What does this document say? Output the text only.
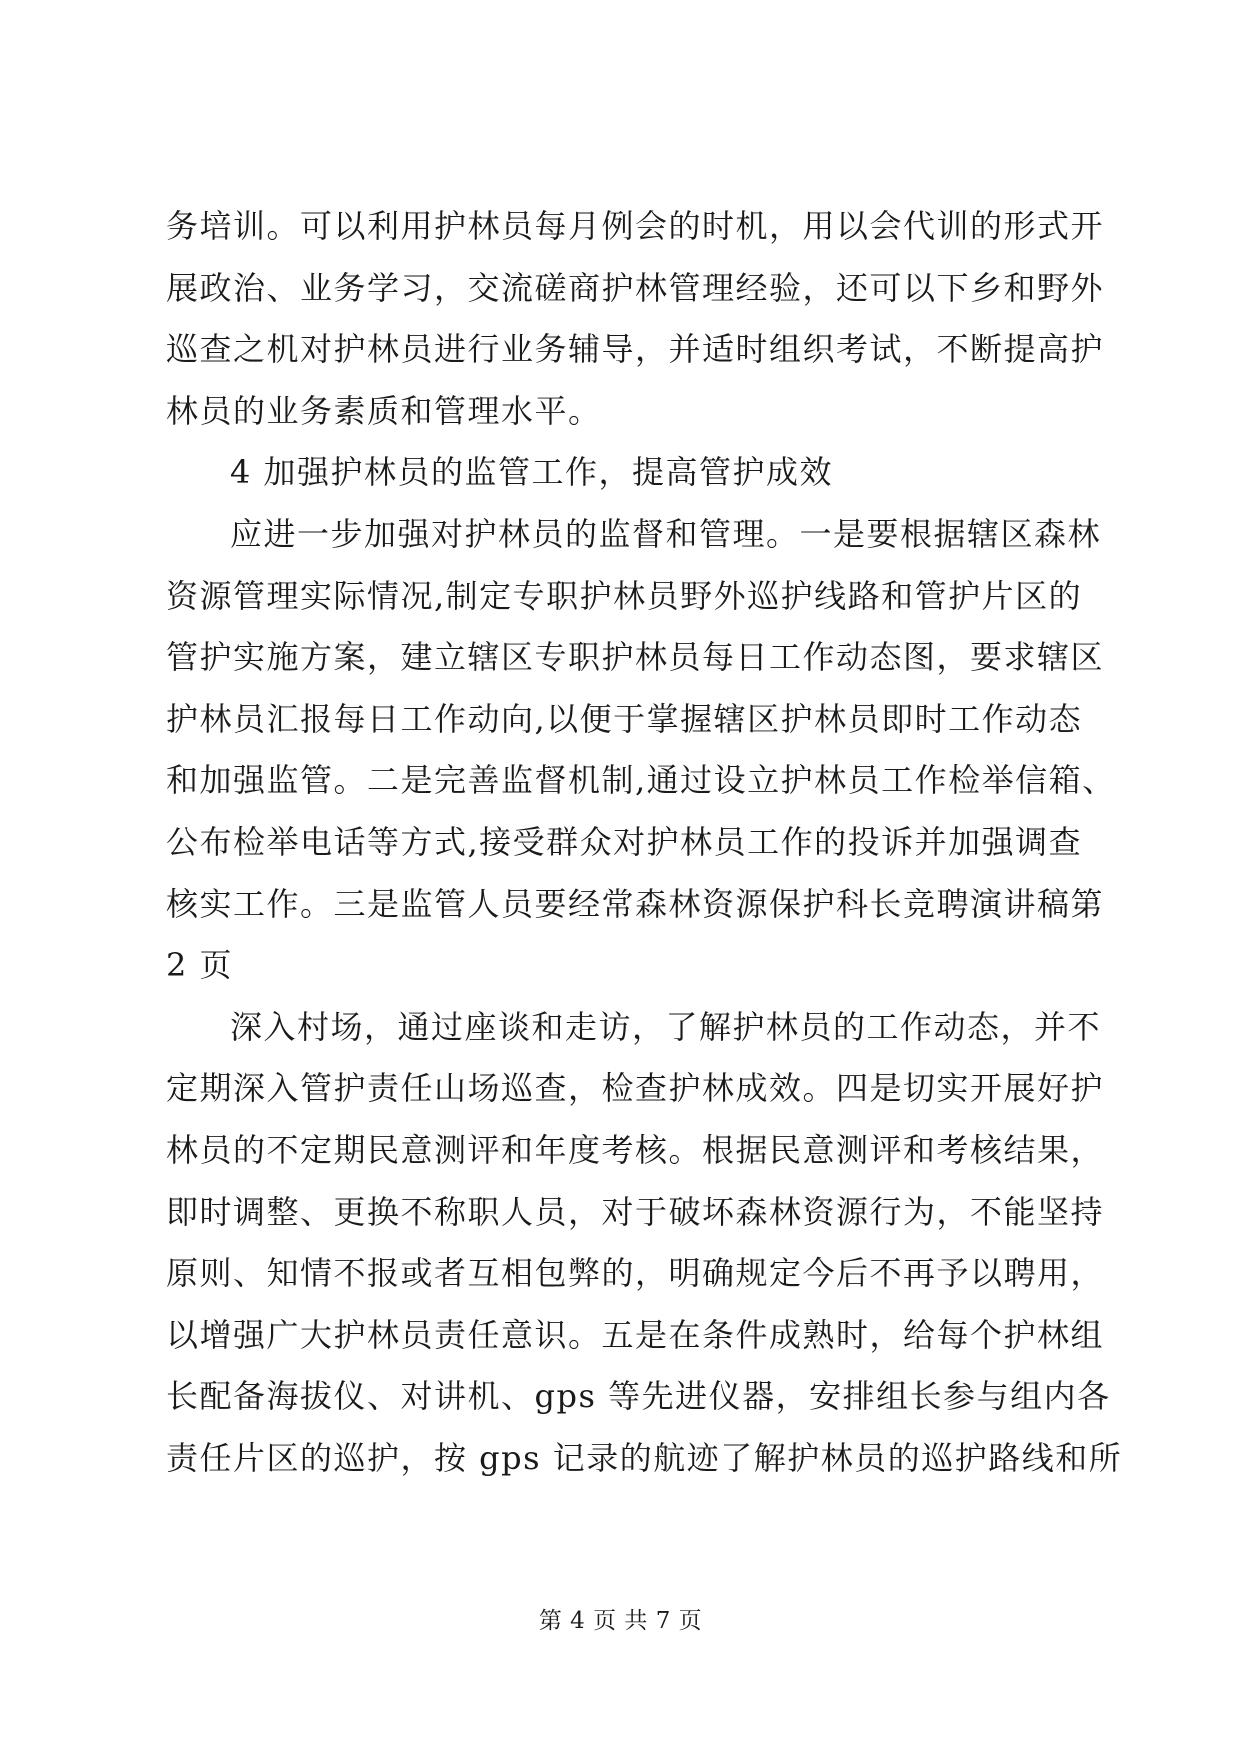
务培训。可以利用护林员每月例会的时机，用以会代训的形式开
展政治、业务学习，交流磋商护林管理经验，还可以下乡和野外
巡查之机对护林员进行业务辅导，并适时组织考试，不断提高护
林员的业务素质和管理水平。
4 加强护林员的监管工作，提高管护成效
应进一步加强对护林员的监督和管理。一是要根据辖区森林
资源管理实际情况,制定专职护林员野外巡护线路和管护片区的
管护实施方案，建立辖区专职护林员每日工作动态图，要求辖区
护林员汇报每日工作动向,以便于掌握辖区护林员即时工作动态
和加强监管。二是完善监督机制,通过设立护林员工作检举信箱、
公布检举电话等方式,接受群众对护林员工作的投诉并加强调查
核实工作。三是监管人员要经常森林资源保护科长竞聘演讲稿第
2 页
深入村场，通过座谈和走访，了解护林员的工作动态，并不
定期深入管护责任山场巡查，检查护林成效。四是切实开展好护
林员的不定期民意测评和年度考核。根据民意测评和考核结果，
即时调整、更换不称职人员，对于破坏森林资源行为，不能坚持
原则、知情不报或者互相包弊的，明确规定今后不再予以聘用，
以增强广大护林员责任意识。五是在条件成熟时，给每个护林组
长配备海拔仪、对讲机、gps 等先进仪器，安排组长参与组内各
责任片区的巡护，按 gps 记录的航迹了解护林员的巡护路线和所
第 4 页 共 7 页
